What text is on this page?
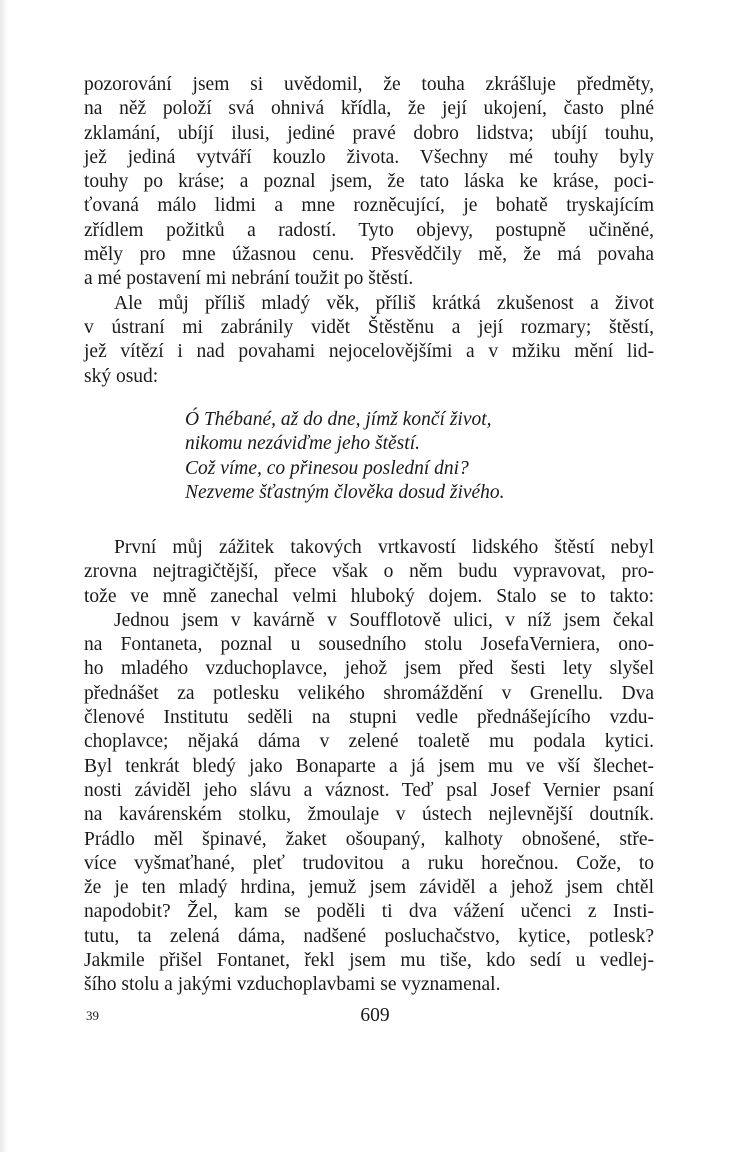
pozorování jsem si uvědomil, že touha zkrášluje předměty,
na něž položí svá ohnivá křídla, že její ukojení, často plné
zklamání, ubíjí ilusi, jediné pravé dobro lidstva; ubíjí touhu,
jež jediná vytváří kouzlo života. Všechny mé touhy byly
touhy po kráse; a poznal jsem, že tato láska ke kráse, poci-
ťovaná málo lidmi a mne rozněcující, je bohatě tryskajícím
zřídlem požitků a radostí. Tyto objevy, postupně učiněné,
měly pro mne úžasnou cenu. Přesvědčily mě, že má povaha
a mé postavení mi nebrání toužit po štěstí.
Ale můj příliš mladý věk, příliš krátká zkušenost a život
v ústraní mi zabránily vidět Štěstěnu a její rozmary; štěstí,
jež vítězí i nad povahami nejocelovějšími a v mžiku mění lid-
ský osud:
Ó Thébané, až do dne, jímž končí život,
nikomu nezáviďme jeho štěstí.
Což víme, co přinesou poslední dni?
Nezveme šťastným člověka dosud živého.
První můj zážitek takových vrtkavostí lidského štěstí nebyl
zrovna nejtragičtější, přece však o něm budu vypravovat, pro-
tože ve mně zanechal velmi hluboký dojem. Stalo se to takto:
Jednou jsem v kavárně v Soufflotově ulici, v níž jsem čekal
na Fontaneta, poznal u sousedního stolu JosefaVerniera, ono-
ho mladého vzduchoplavce, jehož jsem před šesti lety slyšel
přednášet za potlesku velikého shromáždění v Grenellu. Dva
členové Institutu seděli na stupni vedle přednášejícího vzdu-
choplavce; nějaká dáma v zelené toaletě mu podala kytici.
Byl tenkrát bledý jako Bonaparte a já jsem mu ve vší šlechet-
nosti záviděl jeho slávu a váznost. Teď psal Josef Vernier psaní
na kavárenském stolku, žmoulaje v ústech nejlevnější doutník.
Prádlo měl špinavé, žaket ošoupaný, kalhoty obnošené, stře-
více vyšmaťhané, pleť trudovitou a ruku horečnou. Cože, to
že je ten mladý hrdina, jemuž jsem záviděl a jehož jsem chtěl
napodobit? Žel, kam se poděli ti dva vážení učenci z Insti-
tutu, ta zelená dáma, nadšené posluchačstvo, kytice, potlesk?
Jakmile přišel Fontanet, řekl jsem mu tiše, kdo sedí u vedlej-
šího stolu a jakými vzduchoplavbami se vyznamenal.
39	609
